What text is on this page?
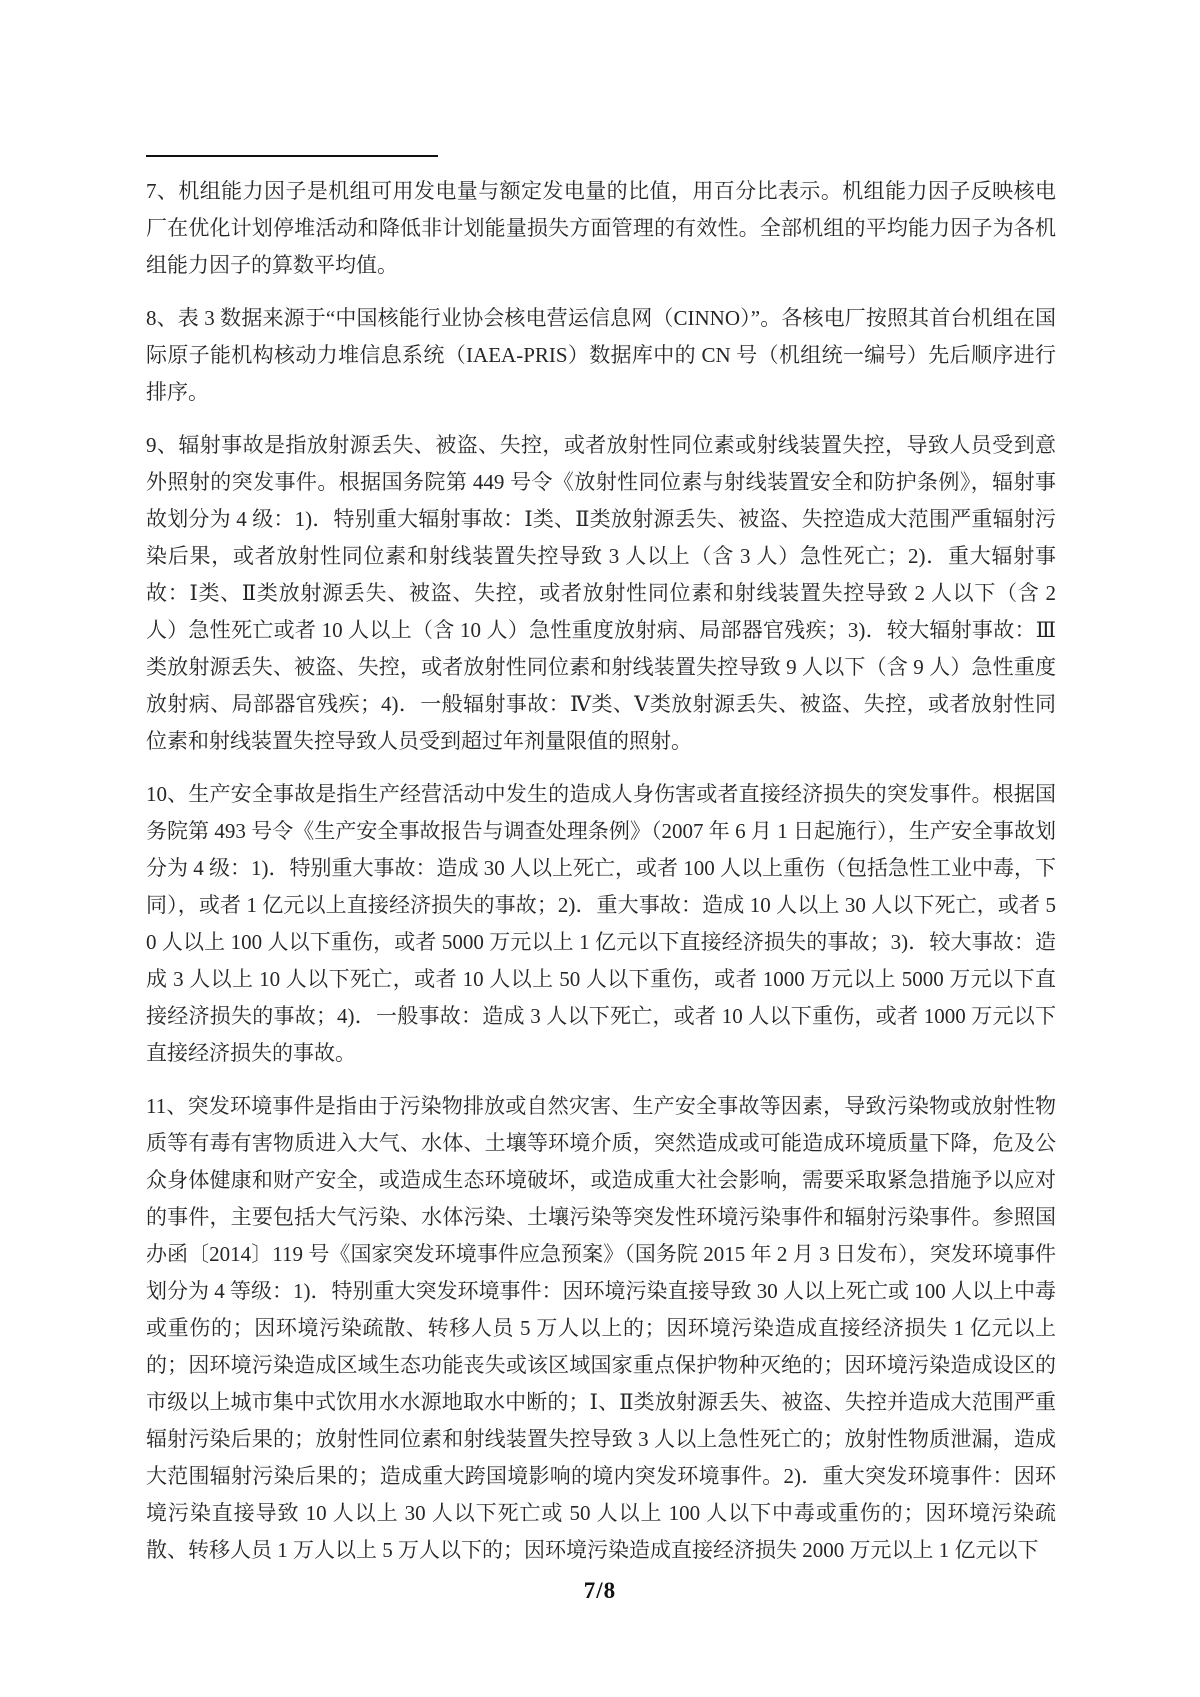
7、机组能力因子是机组可用发电量与额定发电量的比值，用百分比表示。机组能力因子反映核电厂在优化计划停堆活动和降低非计划能量损失方面管理的有效性。全部机组的平均能力因子为各机组能力因子的算数平均值。

8、表 3 数据来源于“中国核能行业协会核电营运信息网（CINNO）”。各核电厂按照其首台机组在国际原子能机构核动力堆信息系统（IAEA-PRIS）数据库中的 CN 号（机组统一编号）先后顺序进行排序。

9、辐射事故是指放射源丢失、被盗、失控，或者放射性同位素或射线装置失控，导致人员受到意外照射的突发事件。根据国务院第 449 号令《放射性同位素与射线装置安全和防护条例》，辐射事故划分为 4 级：1)．特别重大辐射事故：Ⅰ类、Ⅱ类放射源丢失、被盗、失控造成大范围严重辐射污染后果，或者放射性同位素和射线装置失控导致 3 人以上（含 3 人）急性死亡；2)．重大辐射事故：Ⅰ类、Ⅱ类放射源丢失、被盗、失控，或者放射性同位素和射线装置失控导致 2 人以下（含 2 人）急性死亡或者 10 人以上（含 10 人）急性重度放射病、局部器官残疾；3)．较大辐射事故：Ⅲ类放射源丢失、被盗、失控，或者放射性同位素和射线装置失控导致 9 人以下（含 9 人）急性重度放射病、局部器官残疾；4)．一般辐射事故：Ⅳ类、Ⅴ类放射源丢失、被盗、失控，或者放射性同位素和射线装置失控导致人员受到超过年剂量限值的照射。

10、生产安全事故是指生产经营活动中发生的造成人身伤害或者直接经济损失的突发事件。根据国务院第 493 号令《生产安全事故报告与调查处理条例》（2007 年 6 月 1 日起施行），生产安全事故划分为 4 级：1)．特别重大事故：造成 30 人以上死亡，或者 100 人以上重伤（包括急性工业中毒，下同），或者 1 亿元以上直接经济损失的事故；2)．重大事故：造成 10 人以上 30 人以下死亡，或者 50 人以上 100 人以下重伤，或者 5000 万元以上 1 亿元以下直接经济损失的事故；3)．较大事故：造成 3 人以上 10 人以下死亡，或者 10 人以上 50 人以下重伤，或者 1000 万元以上 5000 万元以下直接经济损失的事故；4)．一般事故：造成 3 人以下死亡，或者 10 人以下重伤，或者 1000 万元以下直接经济损失的事故。

11、突发环境事件是指由于污染物排放或自然灾害、生产安全事故等因素，导致污染物或放射性物质等有毒有害物质进入大气、水体、土壤等环境介质，突然造成或可能造成环境质量下降，危及公众身体健康和财产安全，或造成生态环境破坏，或造成重大社会影响，需要采取紧急措施予以应对的事件，主要包括大气污染、水体污染、土壤污染等突发性环境污染事件和辐射污染事件。参照国办函〔2014〕119 号《国家突发环境事件应急预案》（国务院 2015 年 2 月 3 日发布），突发环境事件划分为 4 等级：1)．特别重大突发环境事件：因环境污染直接导致 30 人以上死亡或 100 人以上中毒或重伤的；因环境污染疏散、转移人员 5 万人以上的；因环境污染造成直接经济损失 1 亿元以上的；因环境污染造成区域生态功能丧失或该区域国家重点保护物种灭绝的；因环境污染造成设区的市级以上城市集中式饮用水水源地取水中断的；Ⅰ、Ⅱ类放射源丢失、被盗、失控并造成大范围严重辐射污染后果的；放射性同位素和射线装置失控导致 3 人以上急性死亡的；放射性物质泄漏，造成大范围辐射污染后果的；造成重大跨国境影响的境内突发环境事件。2)．重大突发环境事件：因环境污染直接导致 10 人以上 30 人以下死亡或 50 人以上 100 人以下中毒或重伤的；因环境污染疏散、转移人员 1 万人以上 5 万人以下的；因环境污染造成直接经济损失 2000 万元以上 1 亿元以下

7/8
